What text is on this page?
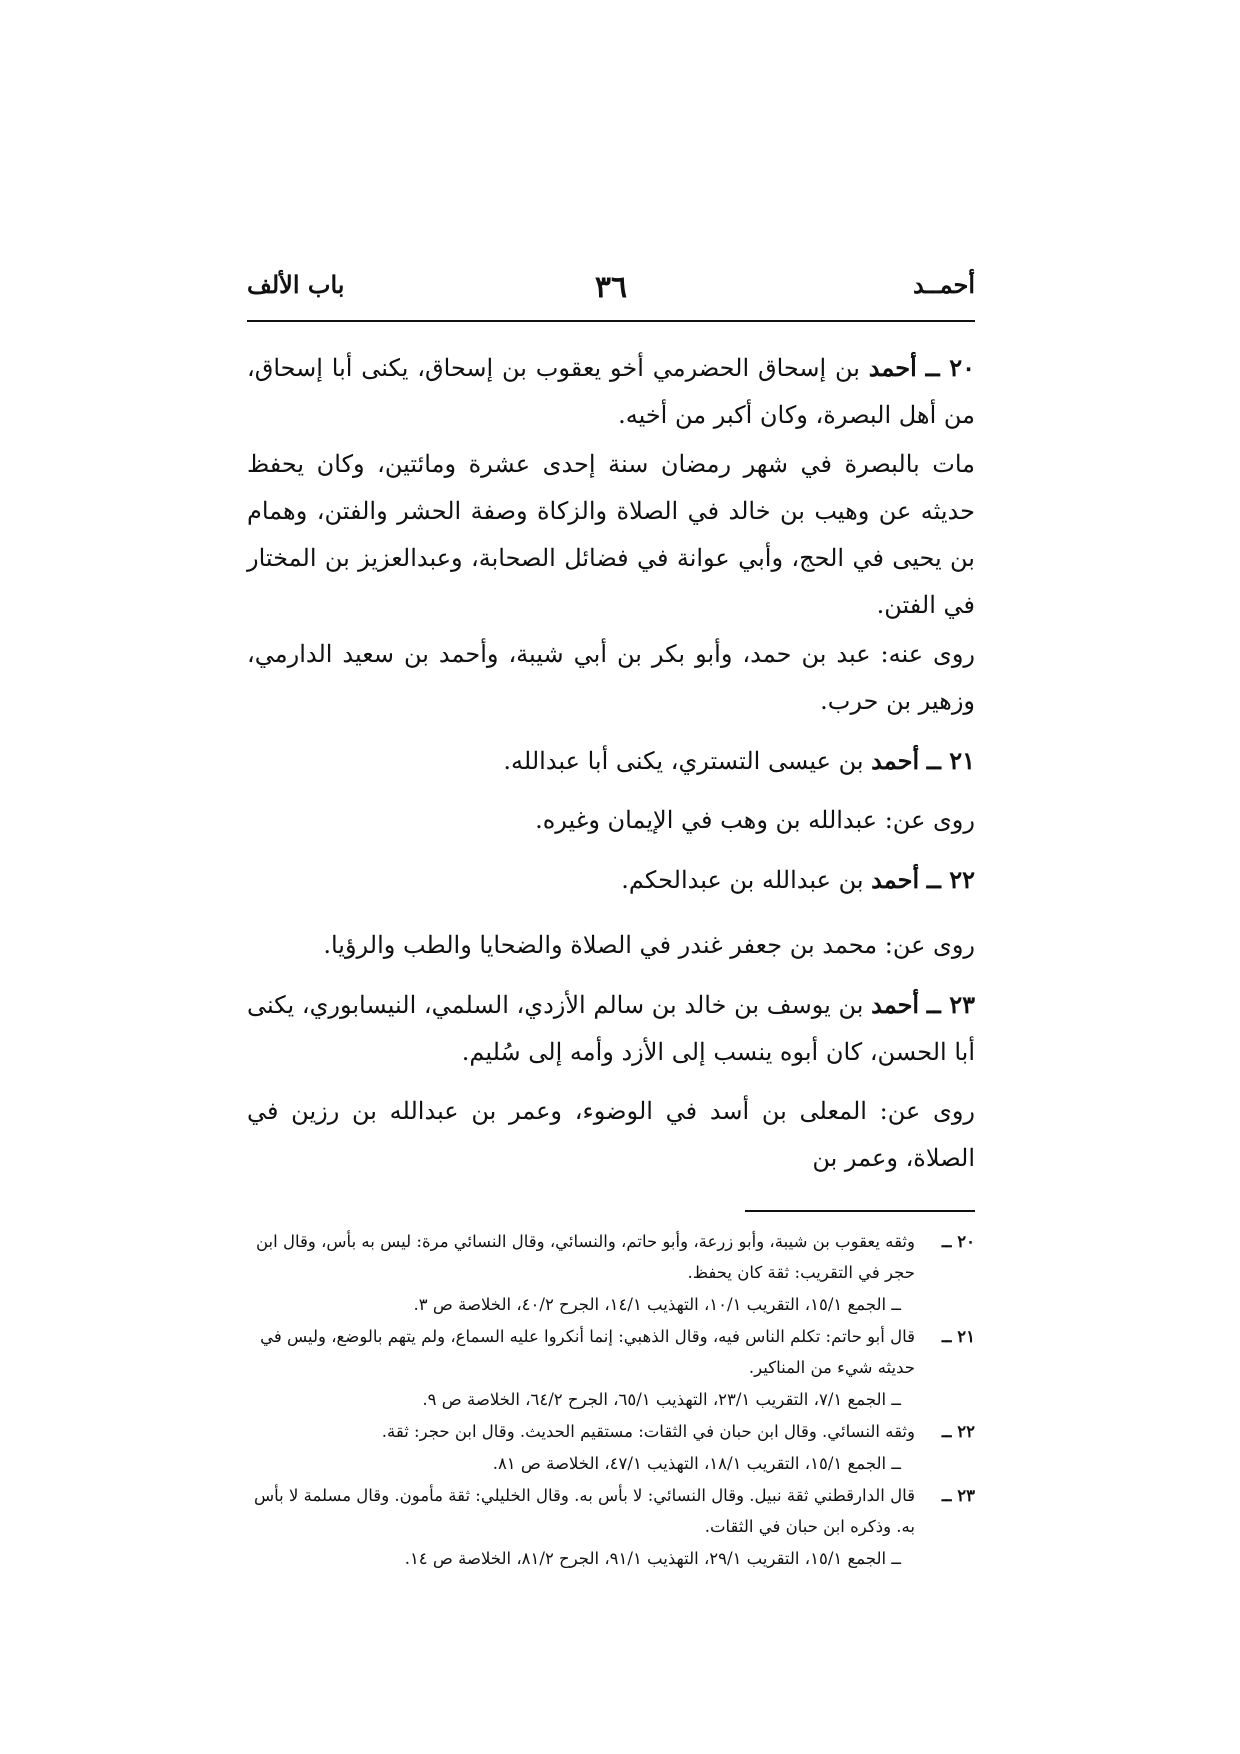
أحمــد
٣٦
باب الألف

٢٠ ــ أحمد بن إسحاق الحضرمي أخو يعقوب بن إسحاق، يكنى أبا إسحاق، من أهل البصرة، وكان أكبر من أخيه.

مات بالبصرة في شهر رمضان سنة إحدى عشرة ومائتين، وكان يحفظ حديثه عن وهيب بن خالد في الصلاة والزكاة وصفة الحشر والفتن، وهمام بن يحيى في الحج، وأبي عوانة في فضائل الصحابة، وعبدالعزيز بن المختار في الفتن.

روى عنه: عبد بن حمد، وأبو بكر بن أبي شيبة، وأحمد بن سعيد الدارمي، وزهير بن حرب.

٢١ ــ أحمد بن عيسى التستري، يكنى أبا عبدالله.

روى عن: عبدالله بن وهب في الإيمان وغيره.

٢٢ ــ أحمد بن عبدالله بن عبدالحكم.

روى عن: محمد بن جعفر غندر في الصلاة والضحايا والطب والرؤيا.

٢٣ ــ أحمد بن يوسف بن خالد بن سالم الأزدي، السلمي، النيسابوري، يكنى أبا الحسن، كان أبوه ينسب إلى الأزد وأمه إلى سُليم.

روى عن: المعلى بن أسد في الوضوء، وعمر بن عبدالله بن رزين في الصلاة، وعمر بن

٢٠ ــ
وثقه يعقوب بن شيبة، وأبو زرعة، وأبو حاتم، والنسائي، وقال النسائي مرة: ليس به بأس، وقال ابن حجر في التقريب: ثقة كان يحفظ.
ــ الجمع ١٥/١، التقريب ١٠/١، التهذيب ١٤/١، الجرح ٤٠/٢، الخلاصة ص ٣.
٢١ ــ
قال أبو حاتم: تكلم الناس فيه، وقال الذهبي: إنما أنكروا عليه السماع، ولم يتهم بالوضع، وليس في حديثه شيء من المناكير.
ــ الجمع ٧/١، التقريب ٢٣/١، التهذيب ٦٥/١، الجرح ٦٤/٢، الخلاصة ص ٩.
٢٢ ــ
وثقه النسائي. وقال ابن حبان في الثقات: مستقيم الحديث. وقال ابن حجر: ثقة.
ــ الجمع ١٥/١، التقريب ١٨/١، التهذيب ٤٧/١، الخلاصة ص ٨١.
٢٣ ــ
قال الدارقطني ثقة نبيل. وقال النسائي: لا بأس به. وقال الخليلي: ثقة مأمون. وقال مسلمة لا بأس به. وذكره ابن حبان في الثقات.
ــ الجمع ١٥/١، التقريب ٢٩/١، التهذيب ٩١/١، الجرح ٨١/٢، الخلاصة ص ١٤.
